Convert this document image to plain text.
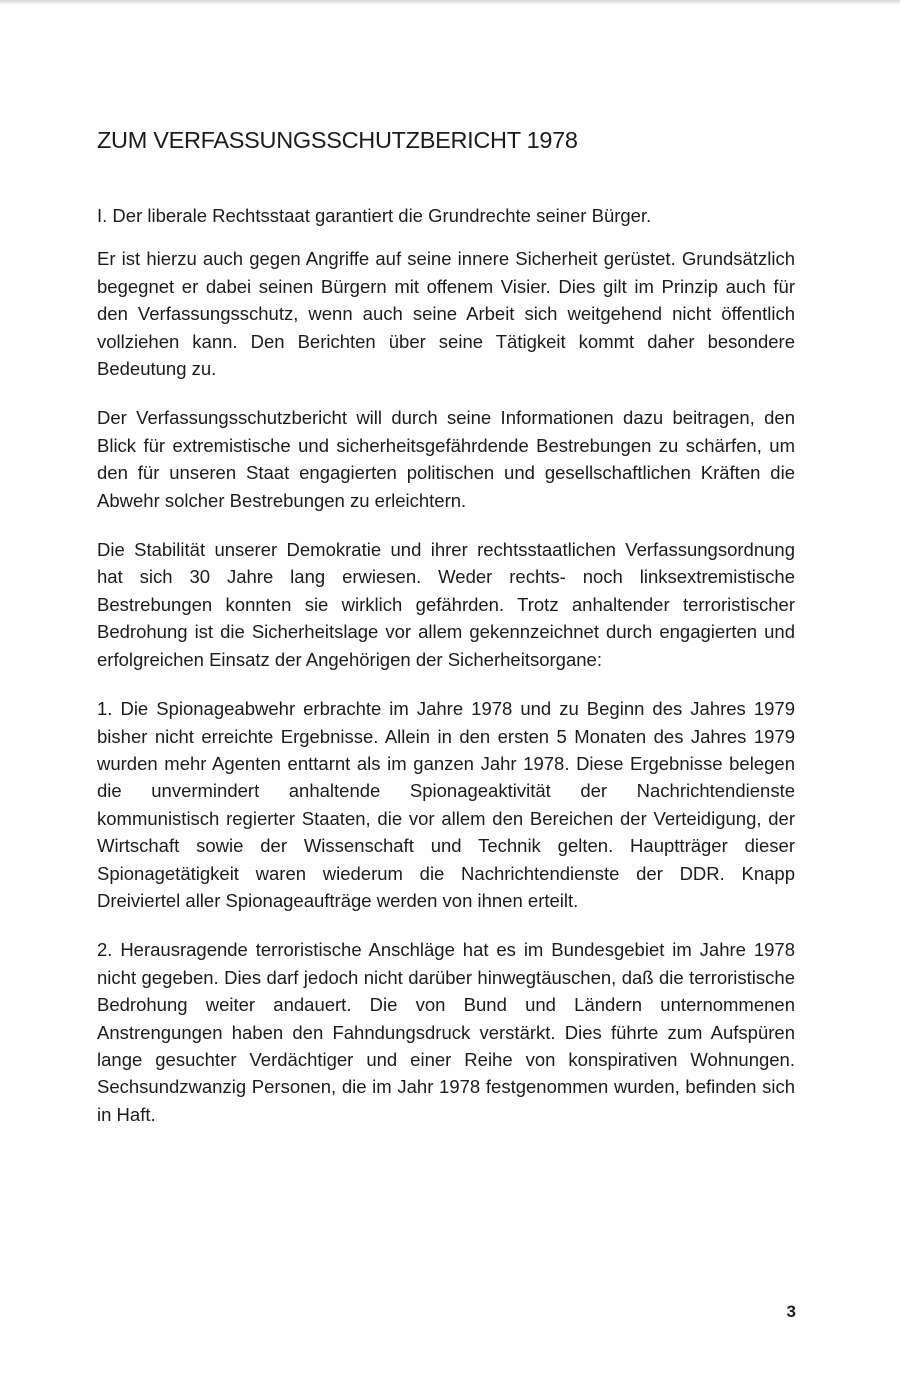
ZUM VERFASSUNGSSCHUTZBERICHT 1978

I. Der liberale Rechtsstaat garantiert die Grundrechte seiner Bürger.

Er ist hierzu auch gegen Angriffe auf seine innere Sicherheit gerüstet. Grundsätzlich begegnet er dabei seinen Bürgern mit offenem Visier. Dies gilt im Prinzip auch für den Verfassungsschutz, wenn auch seine Arbeit sich weitgehend nicht öffentlich vollziehen kann. Den Berichten über seine Tätigkeit kommt daher besondere Bedeutung zu.

Der Verfassungsschutzbericht will durch seine Informationen dazu beitragen, den Blick für extremistische und sicherheitsgefährdende Bestrebungen zu schärfen, um den für unseren Staat engagierten politischen und gesellschaftlichen Kräften die Abwehr solcher Bestrebungen zu erleichtern.

Die Stabilität unserer Demokratie und ihrer rechtsstaatlichen Verfassungsordnung hat sich 30 Jahre lang erwiesen. Weder rechts- noch linksextremistische Bestrebungen konnten sie wirklich gefährden. Trotz anhaltender terroristischer Bedrohung ist die Sicherheitslage vor allem gekennzeichnet durch engagierten und erfolgreichen Einsatz der Angehörigen der Sicherheitsorgane:

1. Die Spionageabwehr erbrachte im Jahre 1978 und zu Beginn des Jahres 1979 bisher nicht erreichte Ergebnisse. Allein in den ersten 5 Monaten des Jahres 1979 wurden mehr Agenten enttarnt als im ganzen Jahr 1978. Diese Ergebnisse belegen die unvermindert anhaltende Spionageaktivität der Nachrichtendienste kommunistisch regierter Staaten, die vor allem den Bereichen der Verteidigung, der Wirtschaft sowie der Wissenschaft und Technik gelten. Hauptträger dieser Spionagetätigkeit waren wiederum die Nachrichtendienste der DDR. Knapp Dreiviertel aller Spionageaufträge werden von ihnen erteilt.

2. Herausragende terroristische Anschläge hat es im Bundesgebiet im Jahre 1978 nicht gegeben. Dies darf jedoch nicht darüber hinwegtäuschen, daß die terroristische Bedrohung weiter andauert. Die von Bund und Ländern unternommenen Anstrengungen haben den Fahndungsdruck verstärkt. Dies führte zum Aufspüren lange gesuchter Verdächtiger und einer Reihe von konspirativen Wohnungen. Sechsundzwanzig Personen, die im Jahr 1978 festgenommen wurden, befinden sich in Haft.

3
